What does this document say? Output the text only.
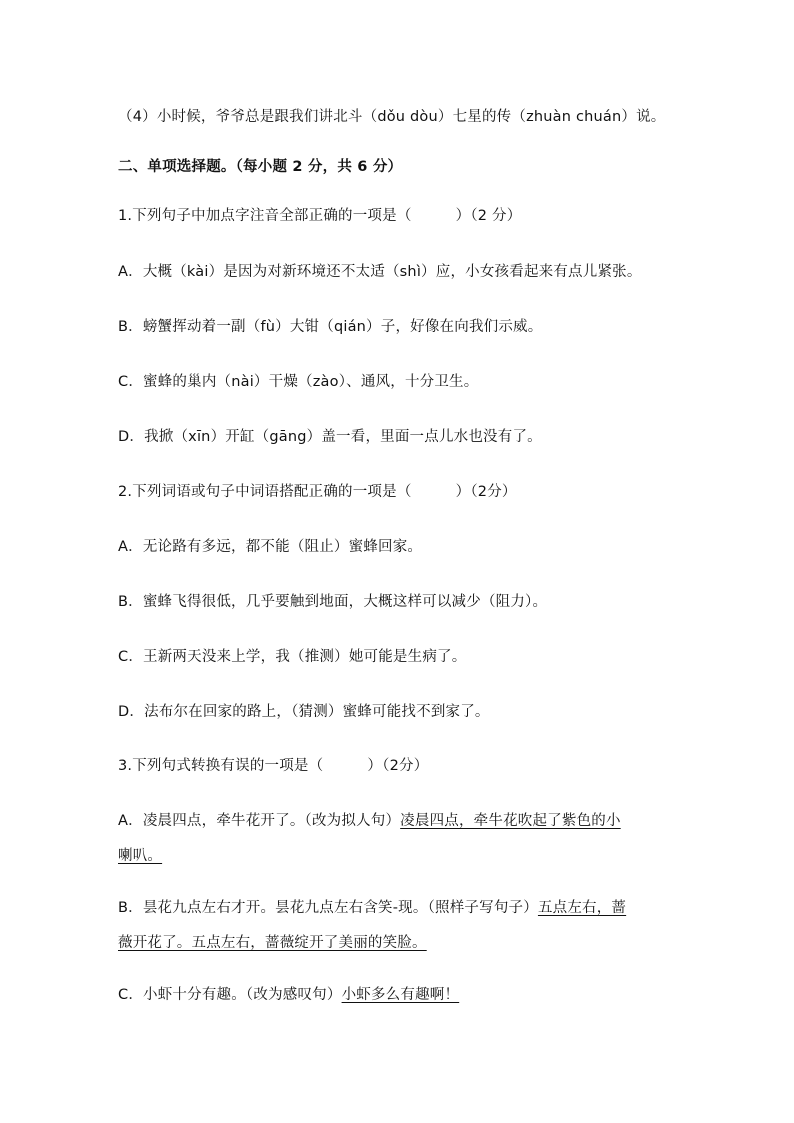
（4）小时候，爷爷总是跟我们讲北斗（dǒu dòu）七星的传（zhuàn chuán）说。
二、单项选择题。（每小题 2 分，共 6 分）
1.下列句子中加点字注音全部正确的一项是（　　　）（2 分）
A．大概（kài）是因为对新环境还不太适（shì）应，小女孩看起来有点儿紧张。
B．螃蟹挥动着一副（fù）大钳（qián）子，好像在向我们示威。
C．蜜蜂的巢内（nài）干燥（zào）、通风，十分卫生。
D．我掀（xīn）开缸（gāng）盖一看，里面一点儿水也没有了。
2.下列词语或句子中词语搭配正确的一项是（　　　）（2分）
A．无论路有多远，都不能（阻止）蜜蜂回家。
B．蜜蜂飞得很低，几乎要触到地面，大概这样可以减少（阻力）。
C．王新两天没来上学，我（推测）她可能是生病了。
D．法布尔在回家的路上，（猜测）蜜蜂可能找不到家了。
3.下列句式转换有误的一项是（　　　）（2分）
A．凌晨四点，牵牛花开了。（改为拟人句）凌晨四点，牵牛花吹起了紫色的小
喇叭。
B．昙花九点左右才开。昙花九点左右含笑-现。（照样子写句子）五点左右，蔷
薇开花了。五点左右，蔷薇绽开了美丽的笑脸。
C．小虾十分有趣。（改为感叹句）小虾多么有趣啊！
